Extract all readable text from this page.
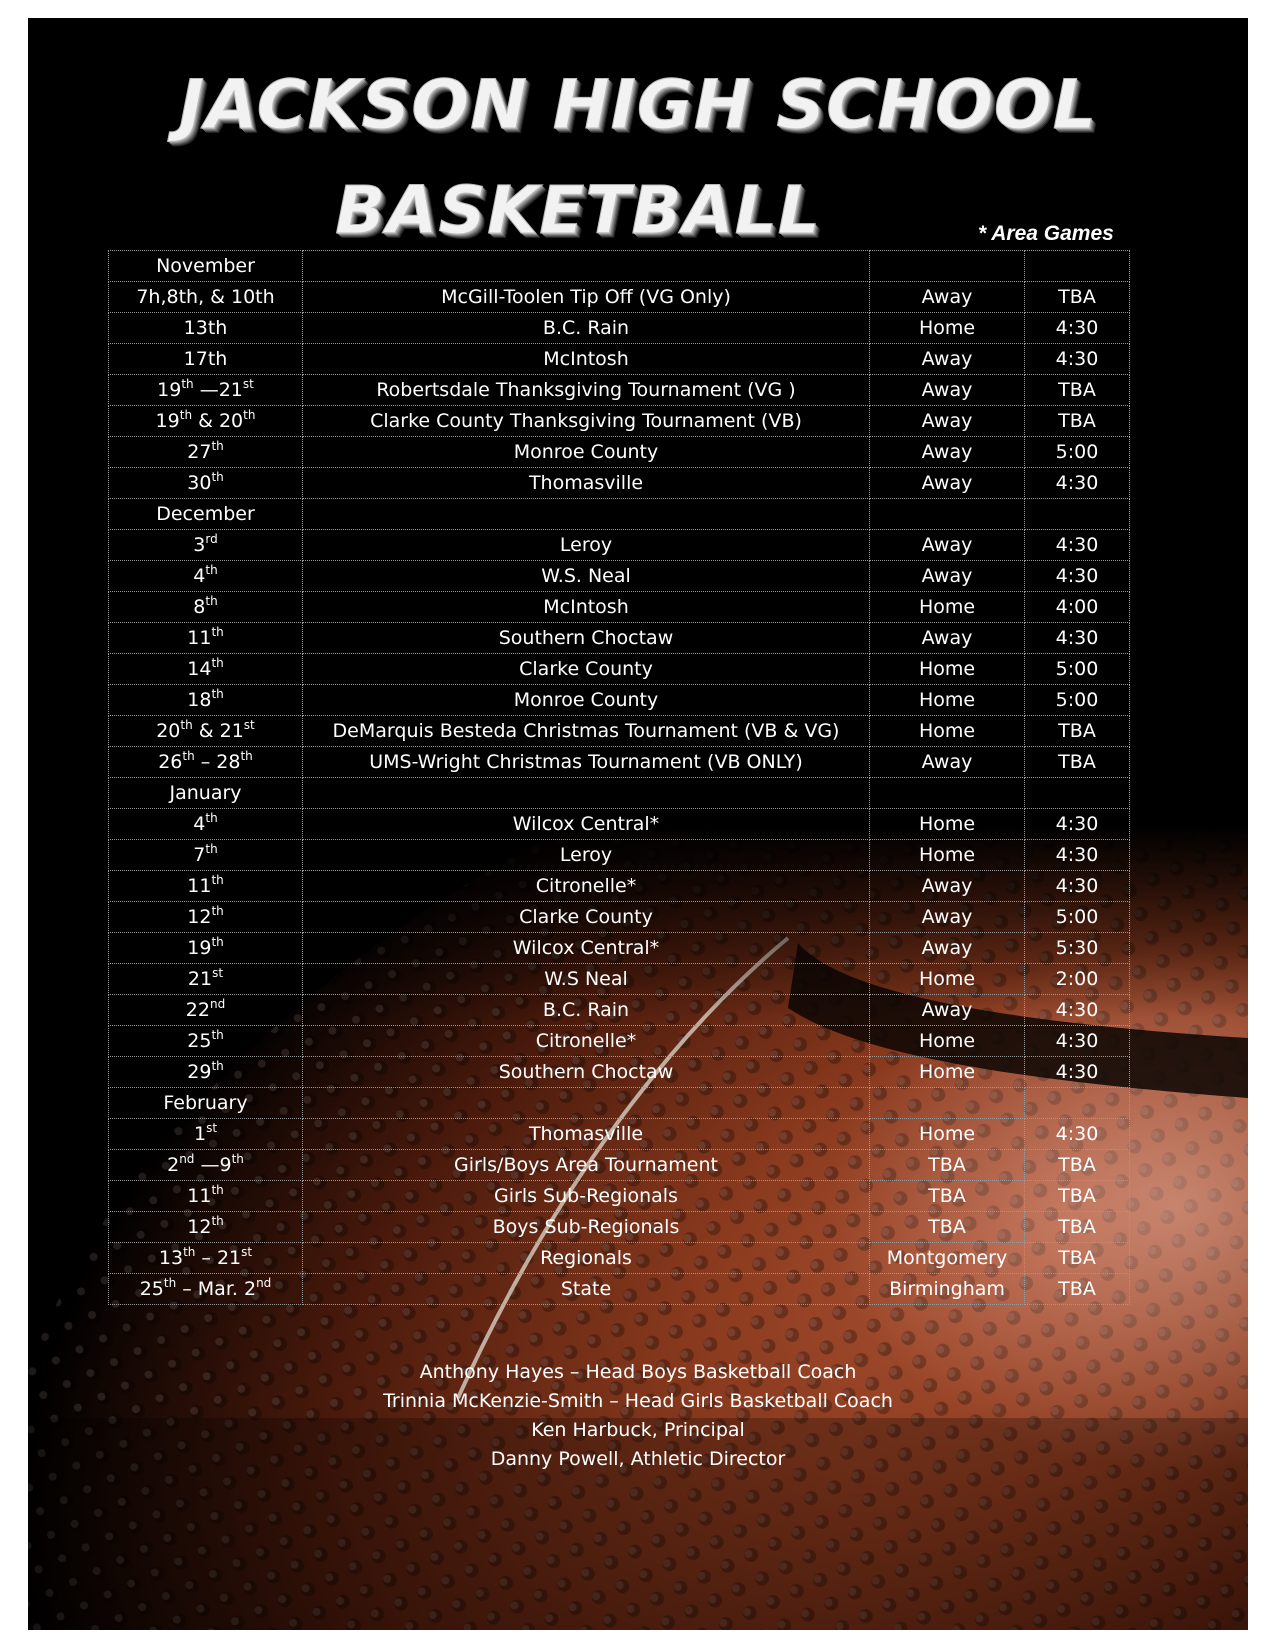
JACKSON HIGH SCHOOL
BASKETBALL	* Area Games
November			
7h,8th, & 10th	McGill-Toolen Tip Off (VG Only)	Away	TBA
13th	B.C. Rain	Home	4:30
17th	McIntosh	Away	4:30
19th —21st	Robertsdale Thanksgiving Tournament (VG )	Away	TBA
19th & 20th	Clarke County Thanksgiving Tournament (VB)	Away	TBA
27th	Monroe County	Away	5:00
30th	Thomasville	Away	4:30
December			
3rd	Leroy	Away	4:30
4th	W.S. Neal	Away	4:30
8th	McIntosh	Home	4:00
11th	Southern Choctaw	Away	4:30
14th	Clarke County	Home	5:00
18th	Monroe County	Home	5:00
20th & 21st	DeMarquis Besteda Christmas Tournament (VB & VG)	Home	TBA
26th – 28th	UMS-Wright Christmas Tournament (VB ONLY)	Away	TBA
January			
4th	Wilcox Central*	Home	4:30
7th	Leroy	Home	4:30
11th	Citronelle*	Away	4:30
12th	Clarke County	Away	5:00
19th	Wilcox Central*	Away	5:30
21st	W.S Neal	Home	2:00
22nd	B.C. Rain	Away	4:30
25th	Citronelle*	Home	4:30
29th	Southern Choctaw	Home	4:30
February			
1st	Thomasville	Home	4:30
2nd —9th	Girls/Boys Area Tournament	TBA	TBA
11th	Girls Sub-Regionals	TBA	TBA
12th	Boys Sub-Regionals	TBA	TBA
13th – 21st	Regionals	Montgomery	TBA
25th – Mar. 2nd	State	Birmingham	TBA
Anthony Hayes – Head Boys Basketball Coach
Trinnia McKenzie-Smith – Head Girls Basketball Coach
Ken Harbuck, Principal
Danny Powell, Athletic Director
